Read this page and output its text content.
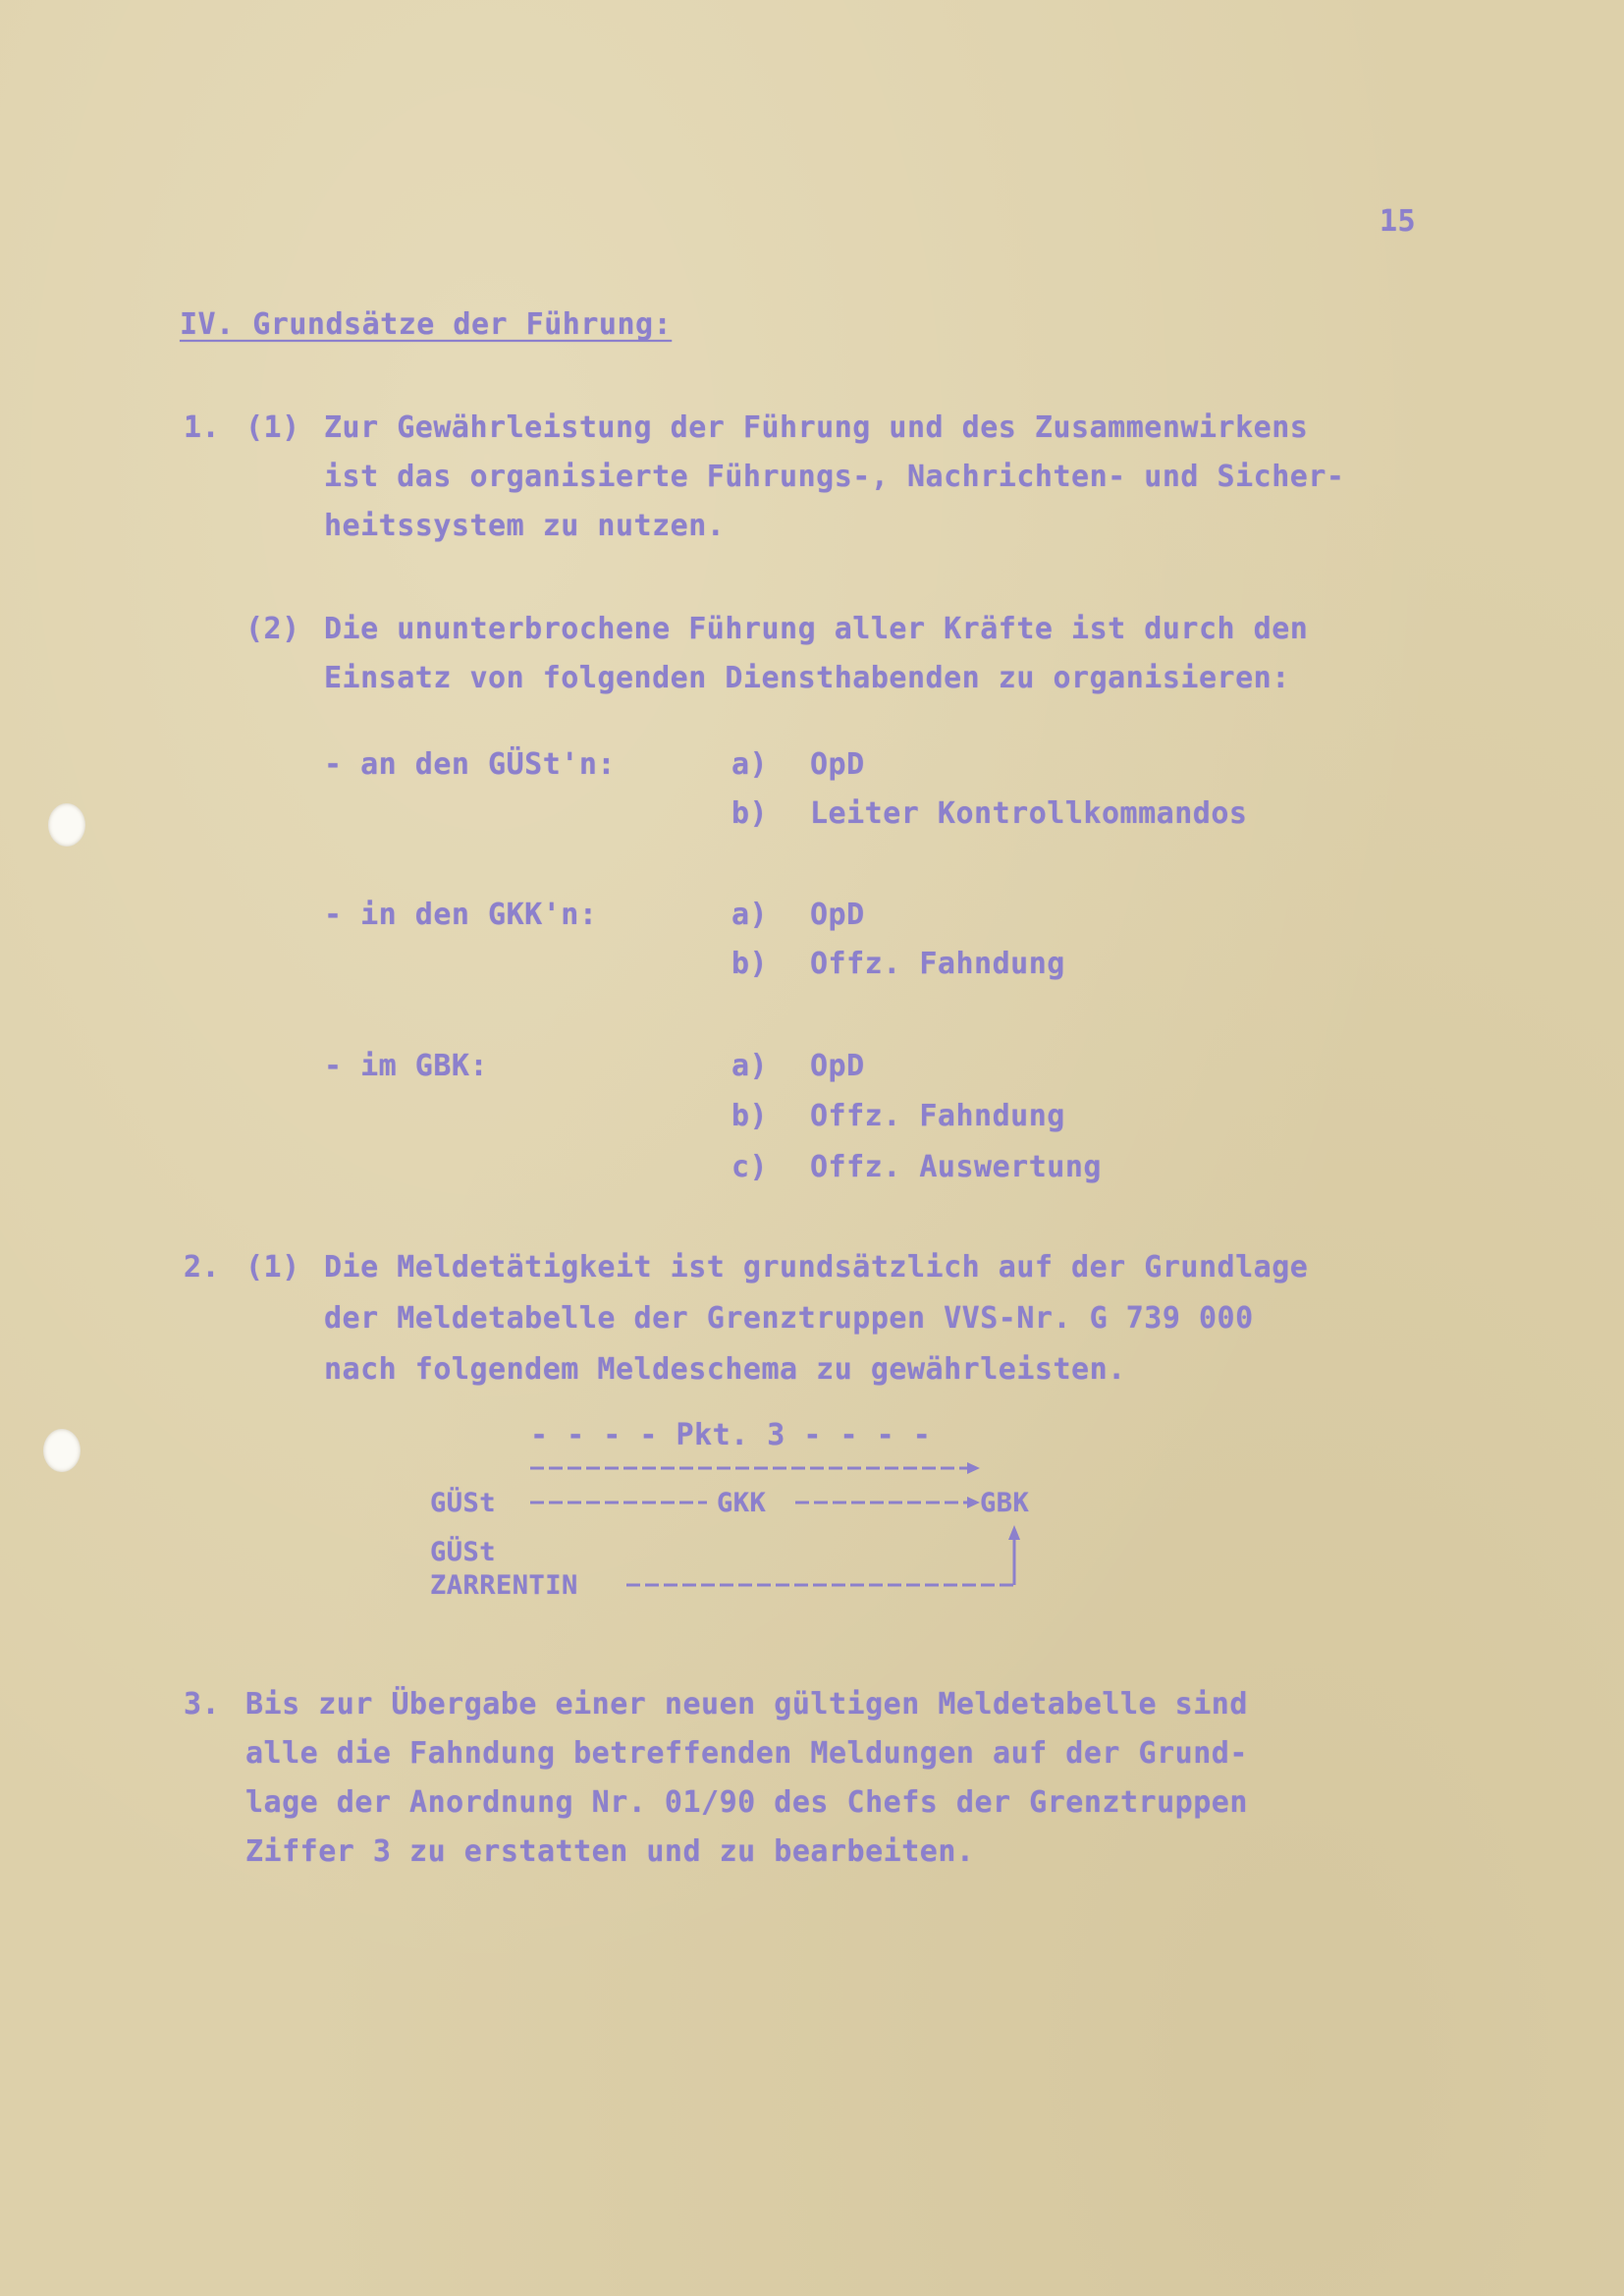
15
IV. Grundsätze der Führung:
1. (1) Zur Gewährleistung der Führung und des Zusammenwirkens
ist das organisierte Führungs-, Nachrichten- und Sicher-
heitssystem zu nutzen.
(2) Die ununterbrochene Führung aller Kräfte ist durch den
Einsatz von folgenden Diensthabenden zu organisieren:
- an den GÜSt'n:	a) OpD
b) Leiter Kontrollkommandos
- in den GKK'n:	a) OpD
b) Offz. Fahndung
- im GBK:	a) OpD
b) Offz. Fahndung
c) Offz. Auswertung
2. (1) Die Meldetätigkeit ist grundsätzlich auf der Grundlage
der Meldetabelle der Grenztruppen VVS-Nr. G 739 000
nach folgendem Meldeschema zu gewährleisten.
- - - - Pkt. 3 - - - -
GÜSt	GKK	GBK
GÜSt
ZARRENTIN
3. Bis zur Übergabe einer neuen gültigen Meldetabelle sind
alle die Fahndung betreffenden Meldungen auf der Grund-
lage der Anordnung Nr. 01/90 des Chefs der Grenztruppen
Ziffer 3 zu erstatten und zu bearbeiten.
